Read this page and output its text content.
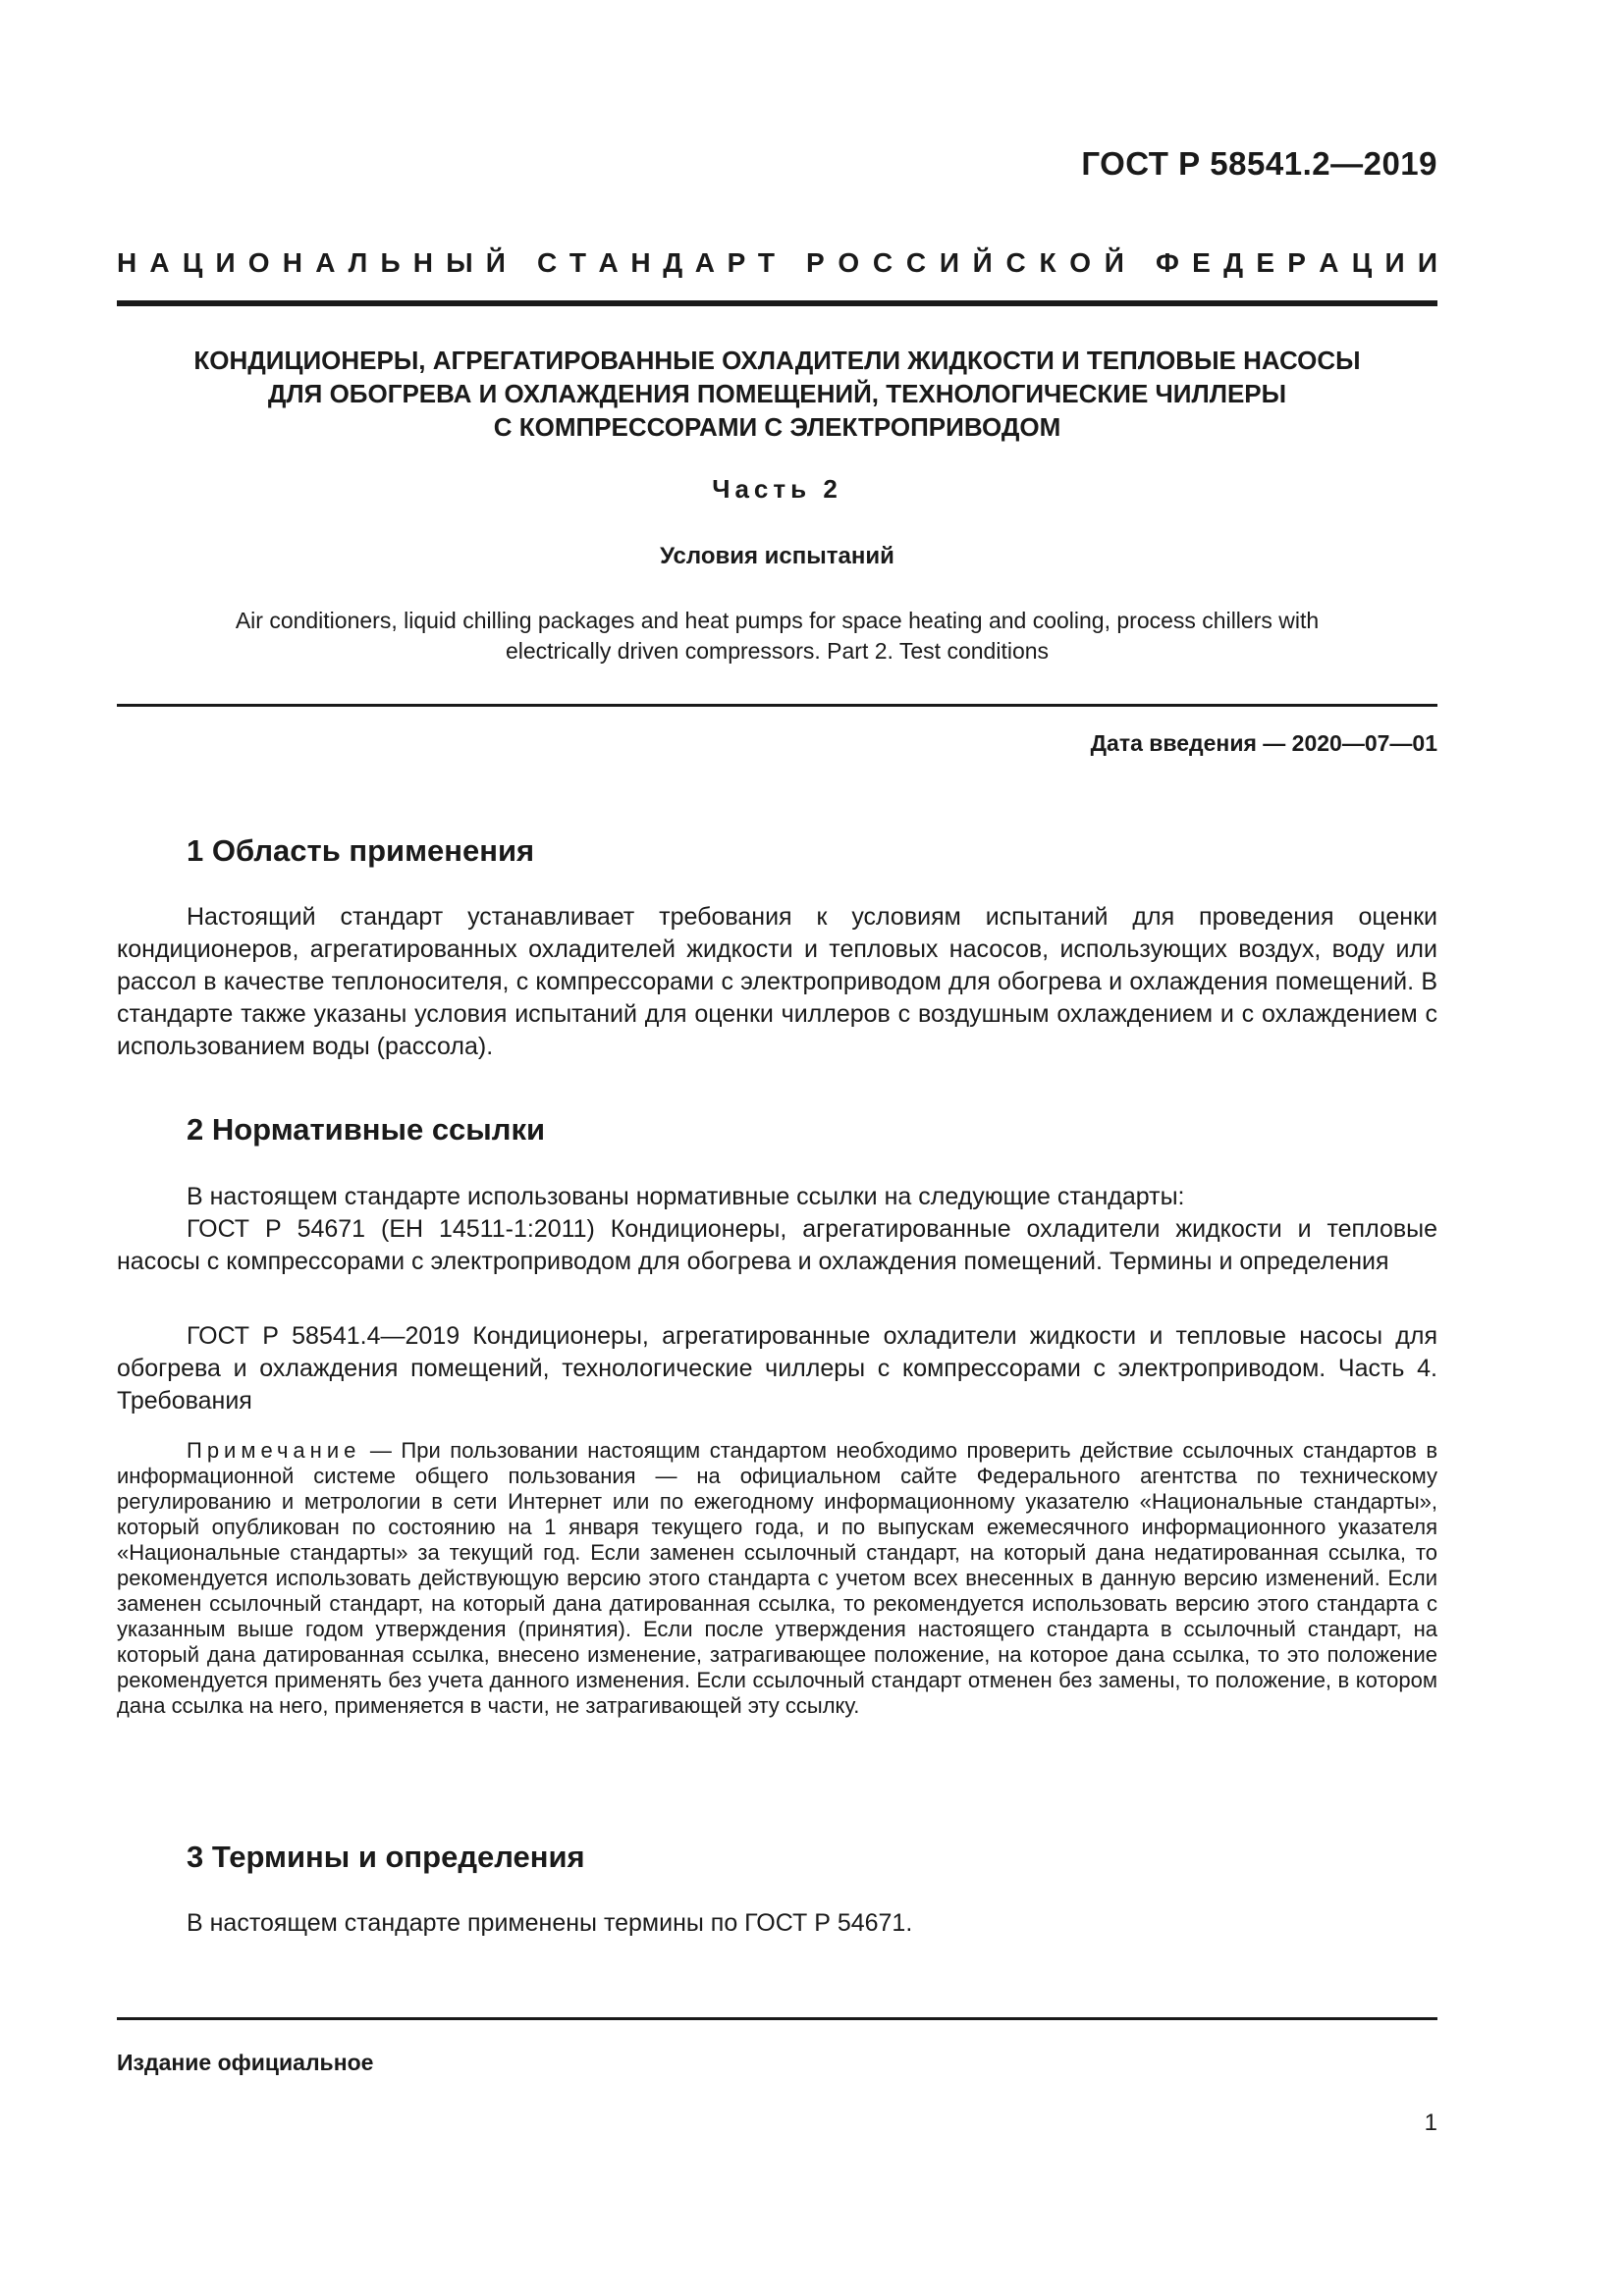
ГОСТ Р 58541.2—2019
Н А Ц И О Н А Л Ь Н Ы Й С Т А Н Д А Р Т Р О С С И Й С К О Й Ф Е Д Е Р А Ц И И
КОНДИЦИОНЕРЫ, АГРЕГАТИРОВАННЫЕ ОХЛАДИТЕЛИ ЖИДКОСТИ И ТЕПЛОВЫЕ НАСОСЫ
ДЛЯ ОБОГРЕВА И ОХЛАЖДЕНИЯ ПОМЕЩЕНИЙ, ТЕХНОЛОГИЧЕСКИЕ ЧИЛЛЕРЫ
С КОМПРЕССОРАМИ С ЭЛЕКТРОПРИВОДОМ
Часть 2
Условия испытаний
Air conditioners, liquid chilling packages and heat pumps for space heating and cooling, process chillers with
electrically driven compressors. Part 2. Test conditions
Дата введения — 2020—07—01
1 Область применения
Настоящий стандарт устанавливает требования к условиям испытаний для проведения оценки кондиционеров, агрегатированных охладителей жидкости и тепловых насосов, использующих воздух, воду или рассол в качестве теплоносителя, с компрессорами с электроприводом для обогрева и охлаждения помещений. В стандарте также указаны условия испытаний для оценки чиллеров с воздушным охлаждением и с охлаждением с использованием воды (рассола).
2 Нормативные ссылки
В настоящем стандарте использованы нормативные ссылки на следующие стандарты:
ГОСТ Р 54671 (ЕН 14511-1:2011) Кондиционеры, агрегатированные охладители жидкости и тепловые насосы с компрессорами с электроприводом для обогрева и охлаждения помещений. Термины и определения
ГОСТ Р 58541.4—2019 Кондиционеры, агрегатированные охладители жидкости и тепловые насосы для обогрева и охлаждения помещений, технологические чиллеры с компрессорами с электроприводом. Часть 4. Требования
Примечание — При пользовании настоящим стандартом необходимо проверить действие ссылочных стандартов в информационной системе общего пользования — на официальном сайте Федерального агентства по техническому регулированию и метрологии в сети Интернет или по ежегодному информационному указателю «Национальные стандарты», который опубликован по состоянию на 1 января текущего года, и по выпускам ежемесячного информационного указателя «Национальные стандарты» за текущий год. Если заменен ссылочный стандарт, на который дана недатированная ссылка, то рекомендуется использовать действующую версию этого стандарта с учетом всех внесенных в данную версию изменений. Если заменен ссылочный стандарт, на который дана датированная ссылка, то рекомендуется использовать версию этого стандарта с указанным выше годом утверждения (принятия). Если после утверждения настоящего стандарта в ссылочный стандарт, на который дана датированная ссылка, внесено изменение, затрагивающее положение, на которое дана ссылка, то это положение рекомендуется применять без учета данного изменения. Если ссылочный стандарт отменен без замены, то положение, в котором дана ссылка на него, применяется в части, не затрагивающей эту ссылку.
3 Термины и определения
В настоящем стандарте применены термины по ГОСТ Р 54671.
Издание официальное
1
